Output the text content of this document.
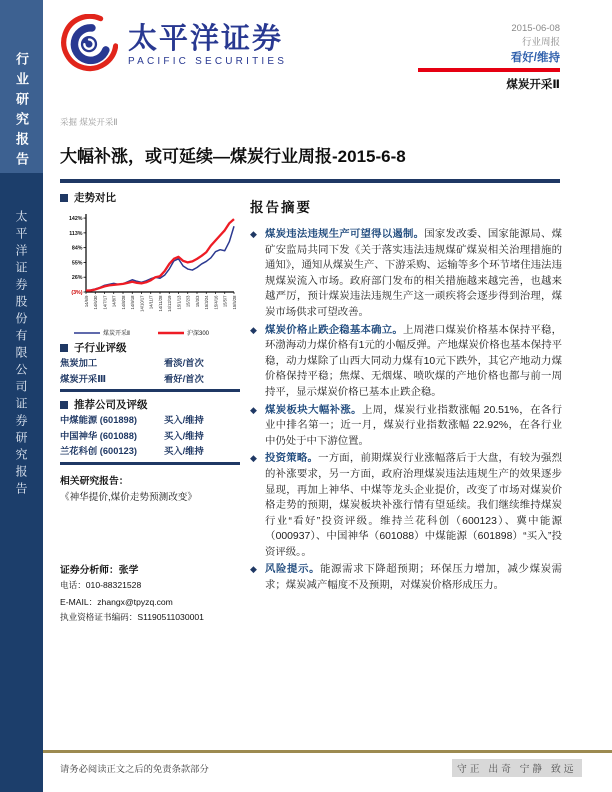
行业研究报告
太平洋证券股份有限公司证券研究报告
太平洋证券
PACIFIC SECURITIES
2015-06-08
行业周报
看好/维持
煤炭开采Ⅱ
采掘 煤炭开采Ⅱ
大幅补涨，或可延续—煤炭行业周报-2015-6-8
走势对比
142%
113%
84%
55%
26%
(3%)
14/6/9 14/6/30 14/7/17 14/8/7 14/8/28 14/9/18 14/10/17 14/11/7 14/11/28 14/12/19 15/1/13 15/2/3 15/3/3 15/3/24 15/4/16 15/5/7 15/5/28
煤炭开采Ⅱ	沪深300
子行业评级
焦炭加工	看淡/首次
煤炭开采Ⅲ	看好/首次
推荐公司及评级
中煤能源 (601898)	买入/维持
中国神华 (601088)	买入/维持
兰花科创 (600123)	买入/维持
相关研究报告：
《神华提价,煤价走势预测改变》
证券分析师：张学
电话：010-88321528
E-MAIL：zhangx@tpyzq.com
执业资格证书编码：S1190511030001
报告摘要
◆ 煤炭违法违规生产可望得以遏制。国家发改委、国家能源局、煤矿安监局共同下发《关于落实违法违规煤矿煤炭相关治理措施的通知》，通知从煤炭生产、下游采购、运输等多个环节堵住违法违规煤炭流入市场。政府部门发布的相关措施越来越完善，也越来越严厉，预计煤炭违法违规生产这一顽疾将会逐步得到治理，煤炭市场供求可望改善。
◆ 煤炭价格止跌企稳基本确立。上周港口煤炭价格基本保持平稳，环渤海动力煤价格有1元的小幅反弹。产地煤炭价格也基本保持平稳，动力煤除了山西大同动力煤有10元下跌外，其它产地动力煤价格保持平稳；焦煤、无烟煤、喷吹煤的产地价格也都与前一周持平，显示煤炭价格已基本止跌企稳。
◆ 煤炭板块大幅补涨。上周，煤炭行业指数涨幅 20.51%，在各行业中排名第一；近一月，煤炭行业指数涨幅 22.92%，在各行业中仍处于中下游位置。
◆ 投资策略。一方面，前期煤炭行业涨幅落后于大盘，有较为强烈的补涨要求，另一方面，政府治理煤炭违法违规生产的效果逐步显现，再加上神华、中煤等龙头企业提价，改变了市场对煤炭价格走势的预期，煤炭板块补涨行情有望延续。我们继续维持煤炭行业“看好”投资评级。维持兰花科创（600123）、冀中能源（000937）、中国神华（601088）中煤能源（601898）“买入”投资评级。。
◆ 风险提示。能源需求下降超预期；环保压力增加，减少煤炭需求；煤炭减产幅度不及预期，对煤炭价格形成压力。
请务必阅读正文之后的免责条款部分	守正 出奇 宁静 致远
